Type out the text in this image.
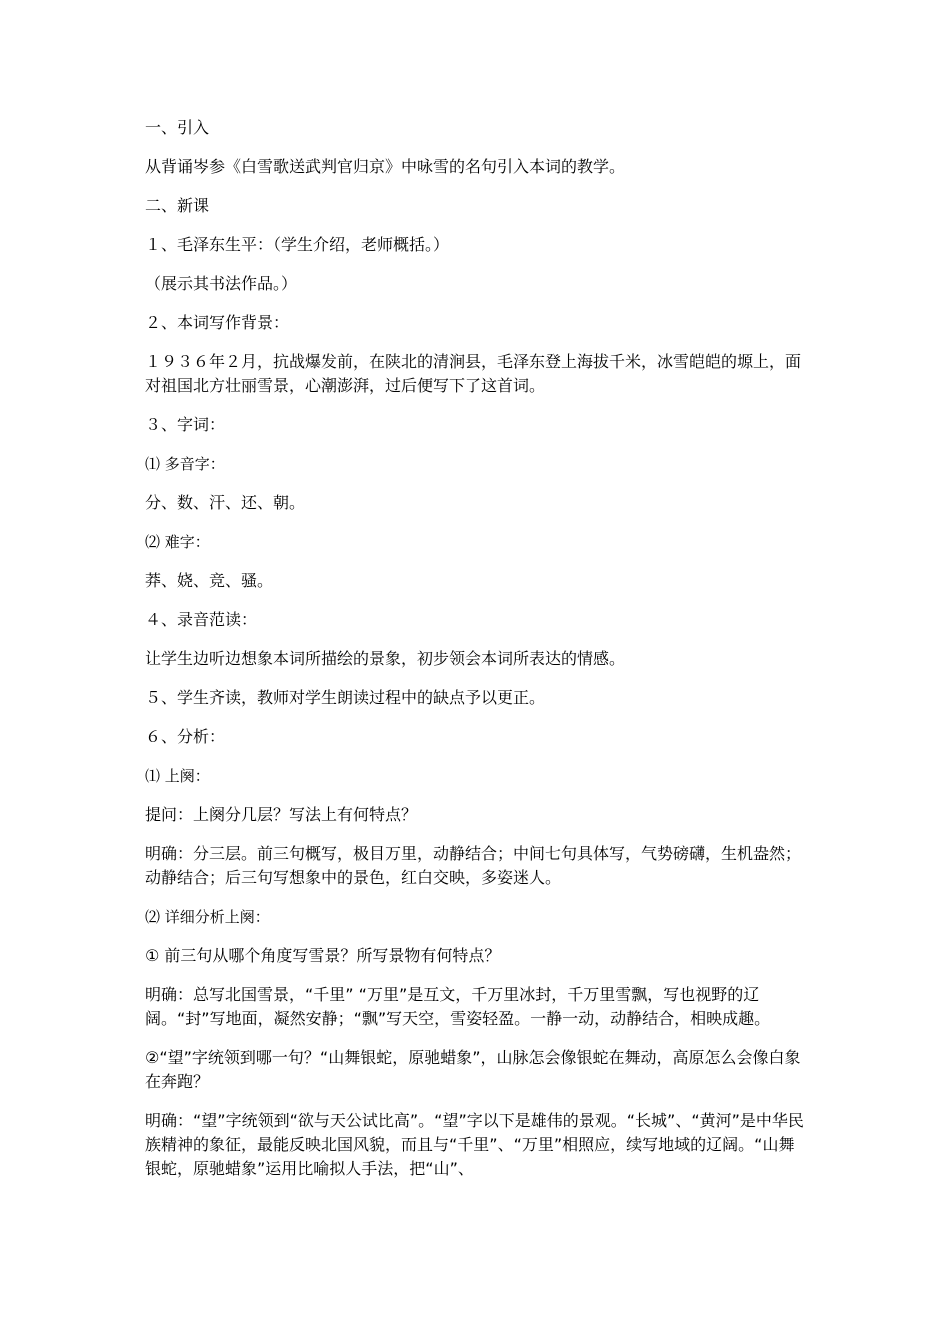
一、引入

从背诵岑参《白雪歌送武判官归京》中咏雪的名句引入本词的教学。

二、新课

１、毛泽东生平：（学生介绍，老师概括。）

（展示其书法作品。）

２、本词写作背景：

１９３６年２月，抗战爆发前，在陕北的清涧县，毛泽东登上海拔千米，冰雪皑皑的塬上，面对祖国北方壮丽雪景，心潮澎湃，过后便写下了这首词。

３、字词：

⑴ 多音字：

分、数、汗、还、朝。

⑵ 难字：

莽、娆、竞、骚。

４、录音范读：

让学生边听边想象本词所描绘的景象，初步领会本词所表达的情感。

５、学生齐读，教师对学生朗读过程中的缺点予以更正。

６、分析：

⑴ 上阕：

提问：上阕分几层？写法上有何特点？

明确：分三层。前三句概写，极目万里，动静结合；中间七句具体写，气势磅礴，生机盎然；动静结合；后三句写想象中的景色，红白交映，多姿迷人。

⑵ 详细分析上阕：

① 前三句从哪个角度写雪景？所写景物有何特点？

明确：总写北国雪景，“千里” “万里”是互文，千万里冰封，千万里雪飘，写也视野的辽阔。“封”写地面，凝然安静；“飘”写天空，雪姿轻盈。一静一动，动静结合，相映成趣。

②“望”字统领到哪一句？“山舞银蛇，原驰蜡象”，山脉怎会像银蛇在舞动，高原怎么会像白象在奔跑？

明确：“望”字统领到“欲与天公试比高”。“望”字以下是雄伟的景观。“长城”、“黄河”是中华民族精神的象征，最能反映北国风貌，而且与“千里”、“万里”相照应，续写地域的辽阔。“山舞银蛇，原驰蜡象”运用比喻拟人手法，把“山”、
